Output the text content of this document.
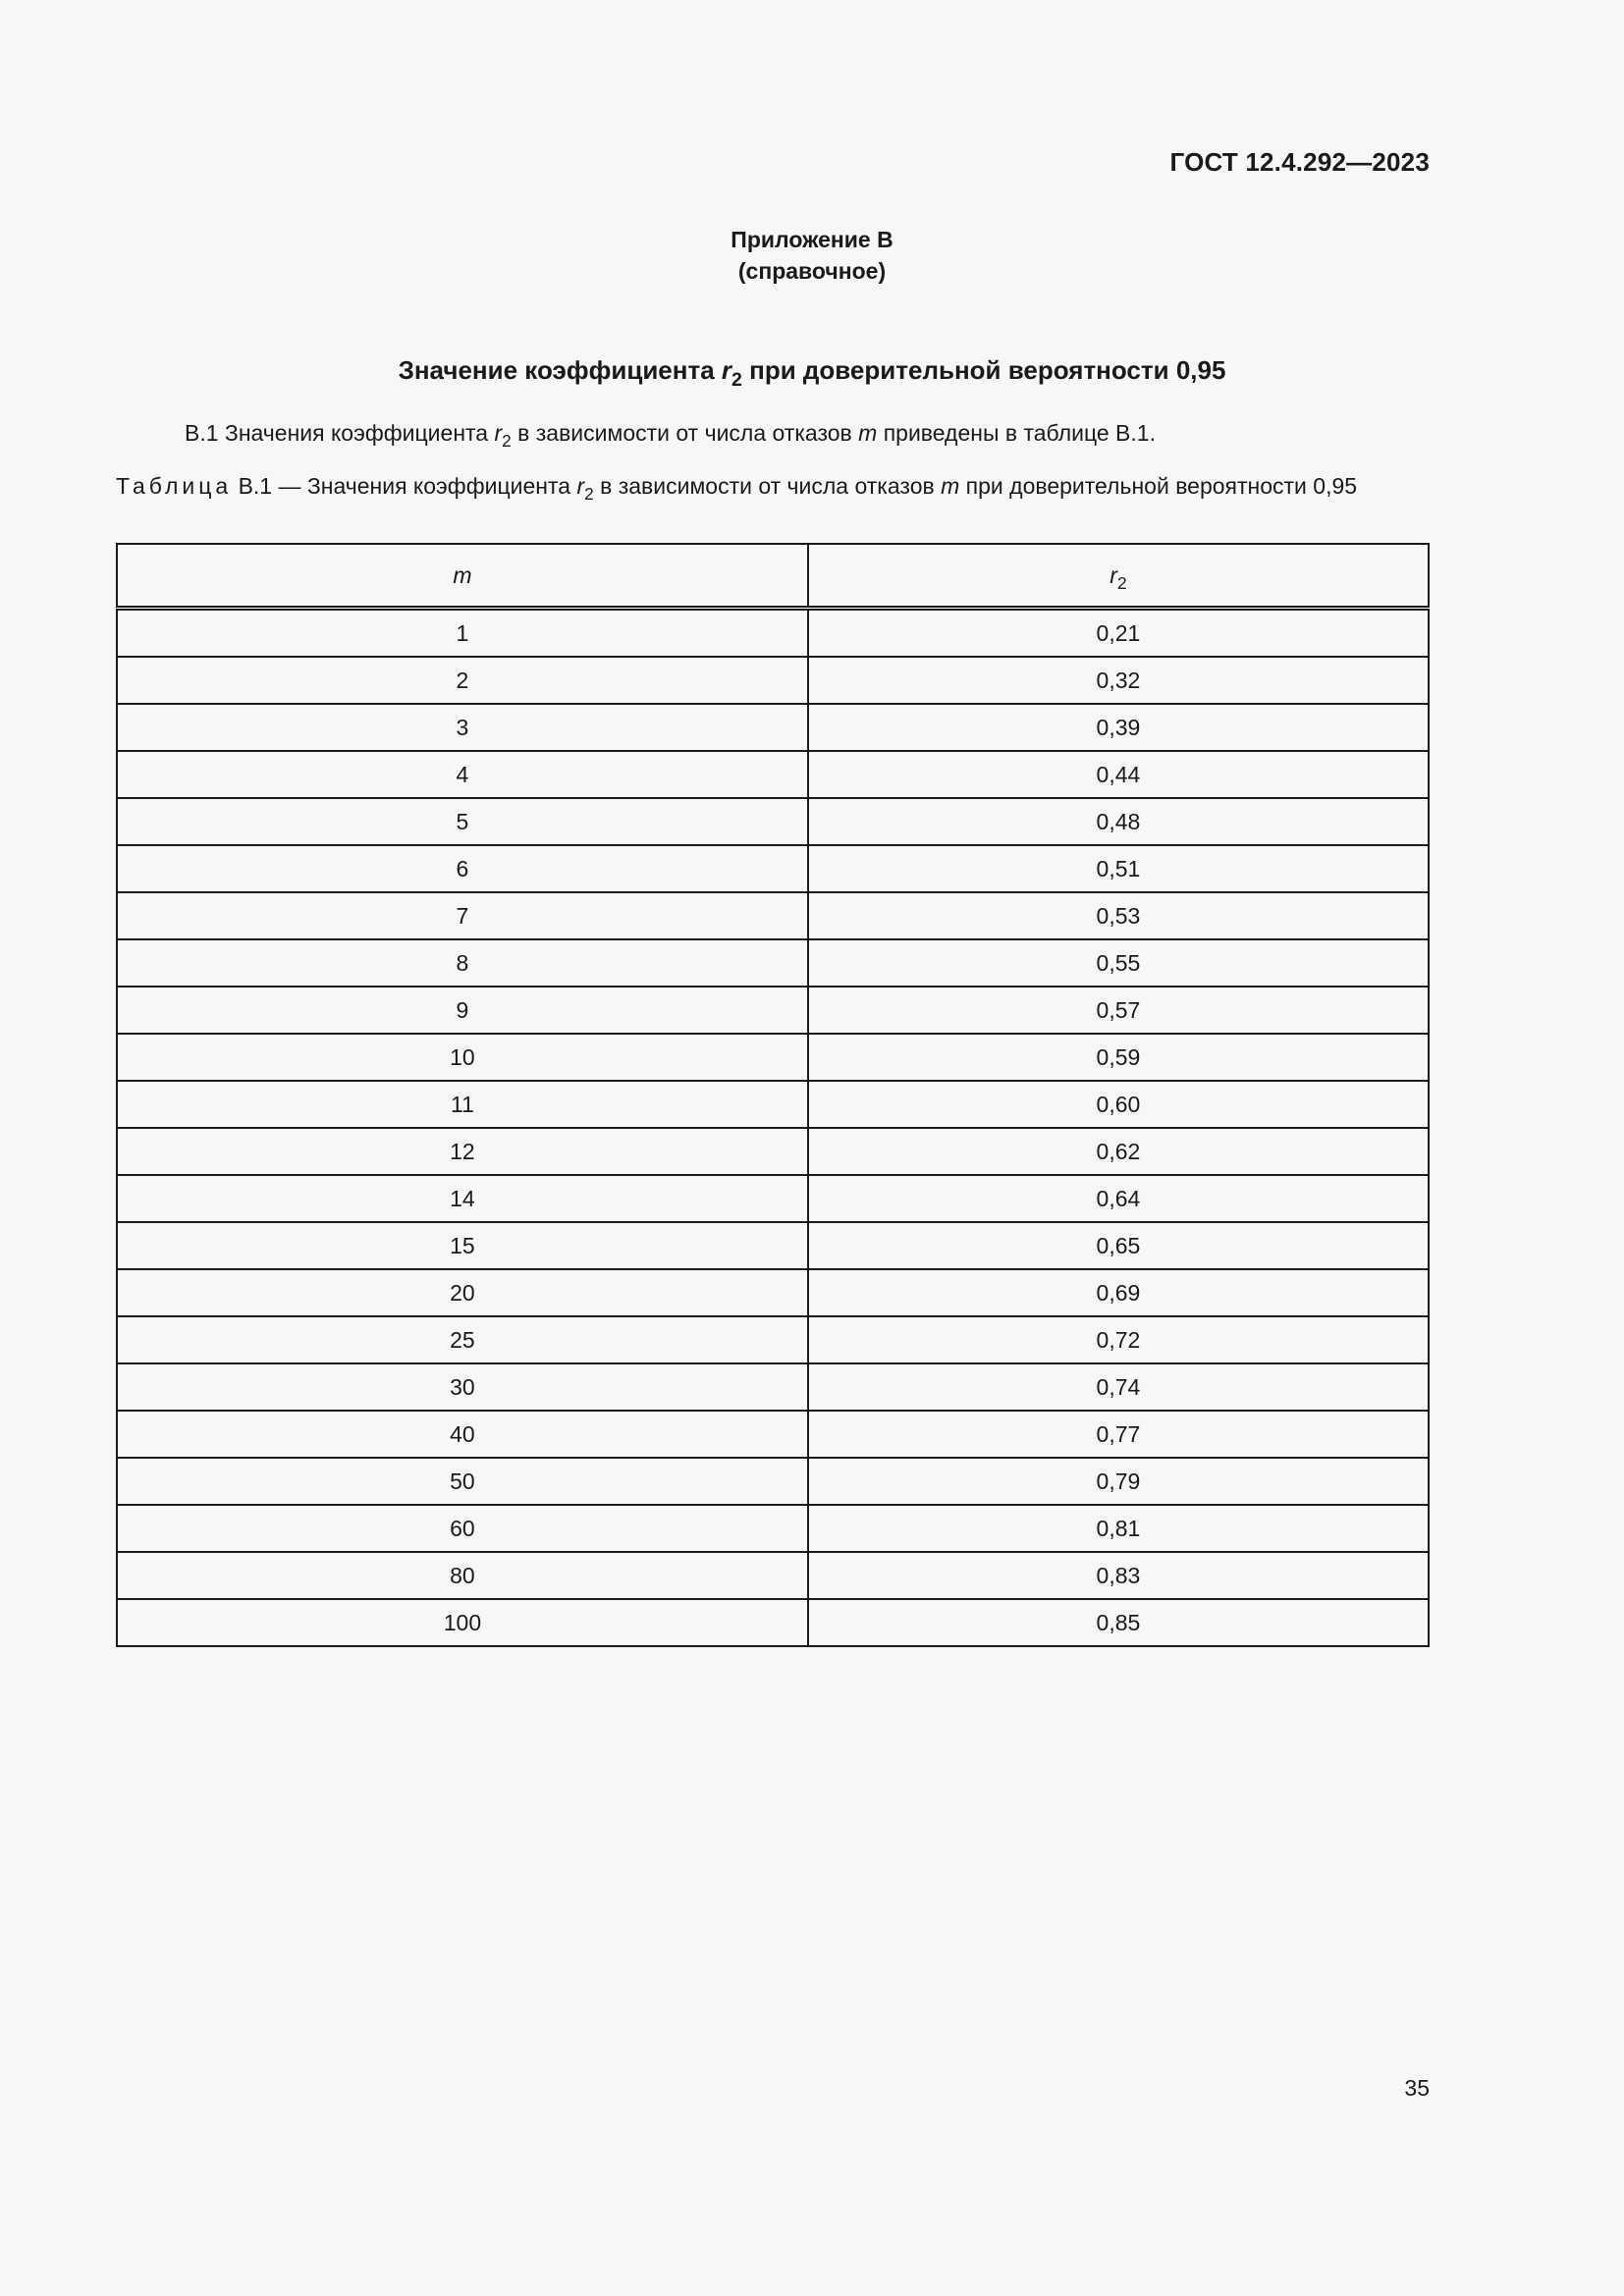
ГОСТ 12.4.292—2023
Приложение В
(справочное)
Значение коэффициента $r_2$ при доверительной вероятности 0,95
В.1 Значения коэффициента $r_2$ в зависимости от числа отказов m приведены в таблице В.1.
Таблица В.1 — Значения коэффициента $r_2$ в зависимости от числа отказов m при доверительной вероятности 0,95
m	$r_2$
1	0,21
2	0,32
3	0,39
4	0,44
5	0,48
6	0,51
7	0,53
8	0,55
9	0,57
10	0,59
11	0,60
12	0,62
14	0,64
15	0,65
20	0,69
25	0,72
30	0,74
40	0,77
50	0,79
60	0,81
80	0,83
100	0,85
35
